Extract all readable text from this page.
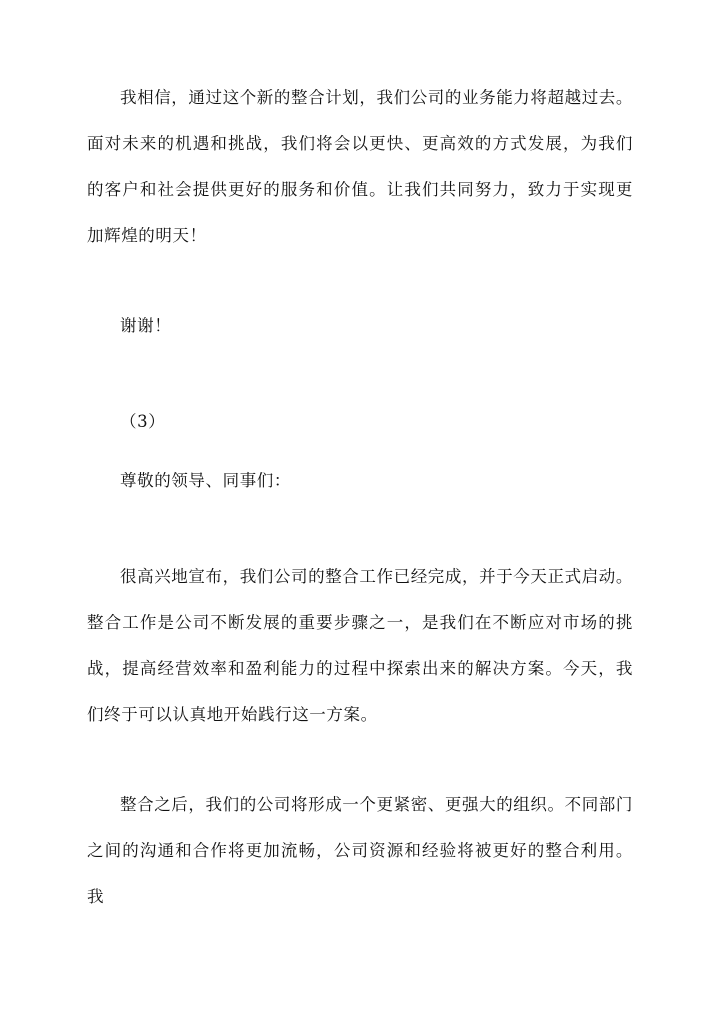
我相信，通过这个新的整合计划，我们公司的业务能力将超越过去。面对未来的机遇和挑战，我们将会以更快、更高效的方式发展，为我们的客户和社会提供更好的服务和价值。让我们共同努力，致力于实现更加辉煌的明天！

谢谢！

（3）

尊敬的领导、同事们：

很高兴地宣布，我们公司的整合工作已经完成，并于今天正式启动。整合工作是公司不断发展的重要步骤之一，是我们在不断应对市场的挑战，提高经营效率和盈利能力的过程中探索出来的解决方案。今天，我们终于可以认真地开始践行这一方案。

整合之后，我们的公司将形成一个更紧密、更强大的组织。不同部门之间的沟通和合作将更加流畅，公司资源和经验将被更好的整合利用。我
